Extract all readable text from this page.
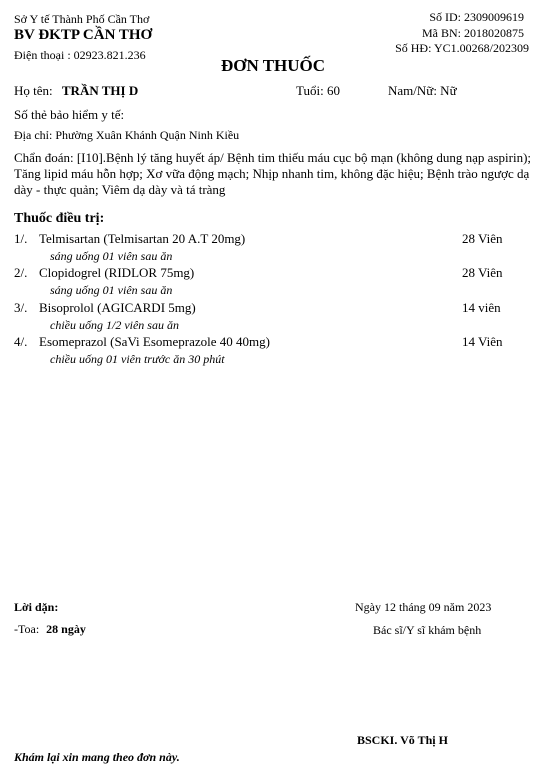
Sở Y tế Thành Phố Cần Thơ
BV ĐKTP CẦN THƠ
Điện thoại : 02923.821.236
Số ID: 2309009619
Mã BN: 2018020875
Số HĐ: YC1.00268/202309
ĐƠN THUỐC
Họ tên: TRẦN THỊ D	Tuổi: 60	Nam/Nữ: Nữ
Số thẻ bảo hiểm y tế:
Địa chỉ: Phường Xuân Khánh Quận Ninh Kiều
Chẩn đoán: [I10].Bệnh lý tăng huyết áp/ Bệnh tim thiếu máu cục bộ mạn (không dung nạp aspirin); Tăng lipid máu hỗn hợp; Xơ vữa động mạch; Nhịp nhanh tim, không đặc hiệu; Bệnh trào ngược dạ dày - thực quản; Viêm dạ dày và tá tràng
Thuốc điều trị:
1/. Telmisartan (Telmisartan 20 A.T 20mg)	28 Viên
sáng uống 01 viên sau ăn
2/. Clopidogrel (RIDLOR 75mg)	28 Viên
sáng uống 01 viên sau ăn
3/. Bisoprolol (AGICARDI 5mg)	14 viên
chiều uống 1/2 viên sau ăn
4/. Esomeprazol (SaVi Esomeprazole 40 40mg)	14 Viên
chiều uống 01 viên trước ăn 30 phút
Lời dặn:
-Toa: 28 ngày
Ngày 12 tháng 09 năm 2023
Bác sĩ/Y sĩ khám bệnh
BSCKI. Võ Thị H
Khám lại xin mang theo đơn này.
